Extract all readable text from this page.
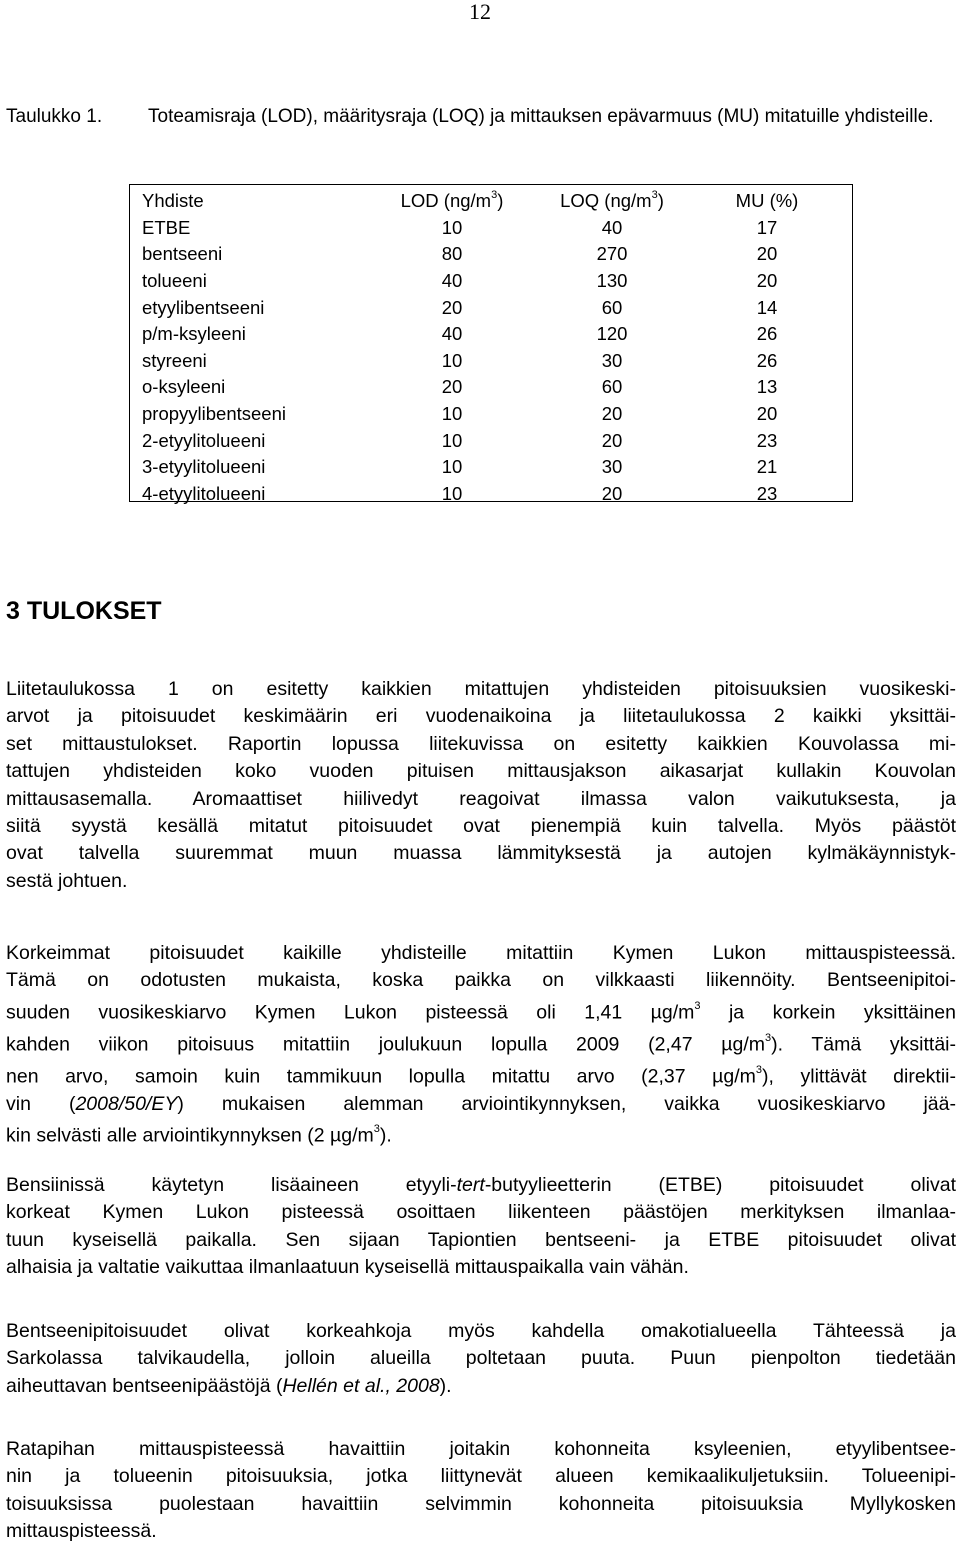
12
Taulukko 1. Toteamisraja (LOD), määritysraja (LOQ) ja mittauksen epävarmuus (MU) mitatuille yhdisteille.
Yhdiste	LOD $(ng/m^3)$	LOQ $(ng/m^3)$	MU (%)
ETBE	10	40	17
bentseeni	80	270	20
tolueeni	40	130	20
etyylibentseeni	20	60	14
p/m-ksyleeni	40	120	26
styreeni	10	30	26
o-ksyleeni	20	60	13
propyylibentseeni	10	20	20
2-etyylitolueeni	10	20	23
3-etyylitolueeni	10	30	21
4-etyylitolueeni	10	20	23
3 TULOKSET
Liitetaulukossa 1 on esitetty kaikkien mitattujen yhdisteiden pitoisuuksien vuosikeski-
arvot ja pitoisuudet keskimäärin eri vuodenaikoina ja liitetaulukossa 2 kaikki yksittäi-
set mittaustulokset. Raportin lopussa liitekuvissa on esitetty kaikkien Kouvolassa mi-
tattujen yhdisteiden koko vuoden pituisen mittausjakson aikasarjat kullakin Kouvolan
mittausasemalla. Aromaattiset hiilivedyt reagoivat ilmassa valon vaikutuksesta, ja
siitä syystä kesällä mitatut pitoisuudet ovat pienempiä kuin talvella. Myös päästöt
ovat talvella suuremmat muun muassa lämmityksestä ja autojen kylmäkäynnistyk-
sestä johtuen.
Korkeimmat pitoisuudet kaikille yhdisteille mitattiin Kymen Lukon mittauspisteessä.
Tämä on odotusten mukaista, koska paikka on vilkkaasti liikennöity. Bentseenipitoi-
suuden vuosikeskiarvo Kymen Lukon pisteessä oli 1,41 $\mu g/m^3$ ja korkein yksittäinen
kahden viikon pitoisuus mitattiin joulukuun lopulla 2009 (2,47 $\mu g/m^3$). Tämä yksittäi-
nen arvo, samoin kuin tammikuun lopulla mitattu arvo (2,37 $\mu g/m^3$), ylittävät direktii-
vin (2008/50/EY) mukaisen alemman arviointikynnyksen, vaikka vuosikeskiarvo jää-
kin selvästi alle arviointikynnyksen (2 $\mu g/m^3$).
Bensiinissä käytetyn lisäaineen etyyli-tert-butyylieetterin (ETBE) pitoisuudet olivat
korkeat Kymen Lukon pisteessä osoittaen liikenteen päästöjen merkityksen ilmanlaa-
tuun kyseisellä paikalla. Sen sijaan Tapiontien bentseeni- ja ETBE pitoisuudet olivat
alhaisia ja valtatie vaikuttaa ilmanlaatuun kyseisellä mittauspaikalla vain vähän.
Bentseenipitoisuudet olivat korkeahkoja myös kahdella omakotialueella Tähteessä ja
Sarkolassa talvikaudella, jolloin alueilla poltetaan puuta. Puun pienpolton tiedetään
aiheuttavan bentseenipäästöjä (Hellén et al., 2008).
Ratapihan mittauspisteessä havaittiin joitakin kohonneita ksyleenien, etyylibentsee-
nin ja tolueenin pitoisuuksia, jotka liittynevät alueen kemikaalikuljetuksiin. Tolueenipi-
toisuuksissa puolestaan havaittiin selvimmin kohonneita pitoisuuksia Myllykosken
mittauspisteessä.
